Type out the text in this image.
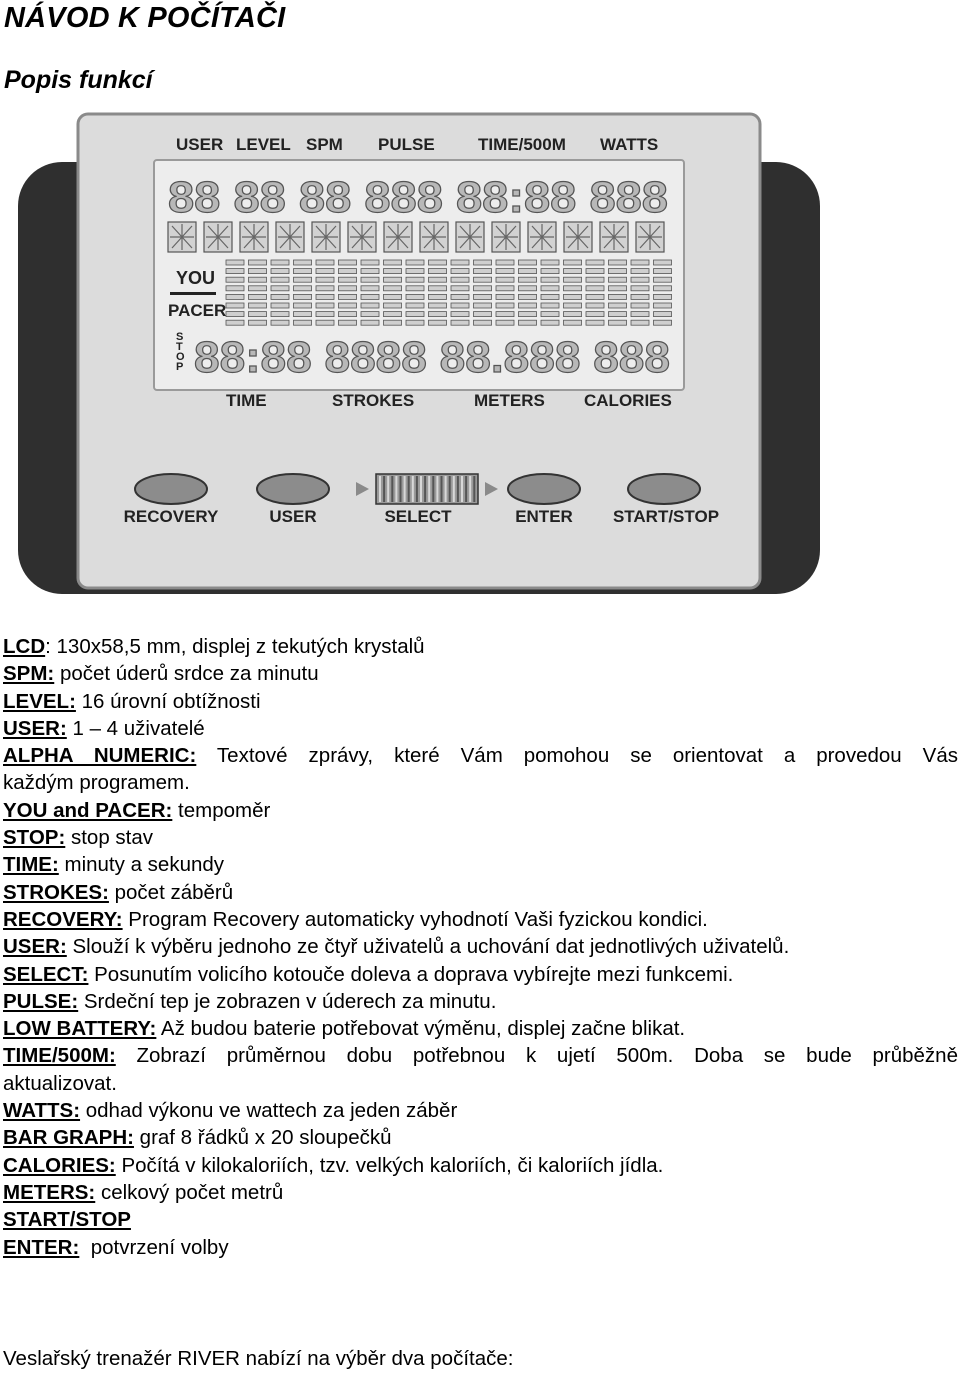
NÁVOD K POČÍTAČI
Popis funkcí
USER LEVEL SPM PULSE	TIME/500M WATTS
88 88 88 888 88:88 888
YOU
PACER
S
T
O
P 88:88 8888 88.888 888
TIME	STROKES	METERS CALORIES
RECOVERY	USER	SELECT	ENTER START/STOP

LCD: 130x58,5 mm, displej z tekutých krystalů

SPM: počet úderů srdce za minutu

LEVEL: 16 úrovní obtížnosti

USER: 1 – 4 uživatelé

ALPHA NUMERIC: Textové zprávy, které Vám pomohou se orientovat a provedou Vás

každým programem.

YOU and PACER: tempoměr

STOP: stop stav

TIME: minuty a sekundy

STROKES: počet záběrů

RECOVERY: Program Recovery automaticky vyhodnotí Vaši fyzickou kondici.

USER: Slouží k výběru jednoho ze čtyř uživatelů a uchování dat jednotlivých uživatelů.

SELECT: Posunutím volicího kotouče doleva a doprava vybírejte mezi funkcemi.

PULSE: Srdeční tep je zobrazen v úderech za minutu.

LOW BATTERY: Až budou baterie potřebovat výměnu, displej začne blikat.

TIME/500M: Zobrazí průměrnou dobu potřebnou k ujetí 500m. Doba se bude průběžně

aktualizovat.

WATTS: odhad výkonu ve wattech za jeden záběr

BAR GRAPH: graf 8 řádků x 20 sloupečků

CALORIES: Počítá v kilokaloriích, tzv. velkých kaloriích, či kaloriích jídla.

METERS: celkový počet metrů

START/STOP

ENTER:  potvrzení volby

Veslařský trenažér RIVER nabízí na výběr dva počítače:
